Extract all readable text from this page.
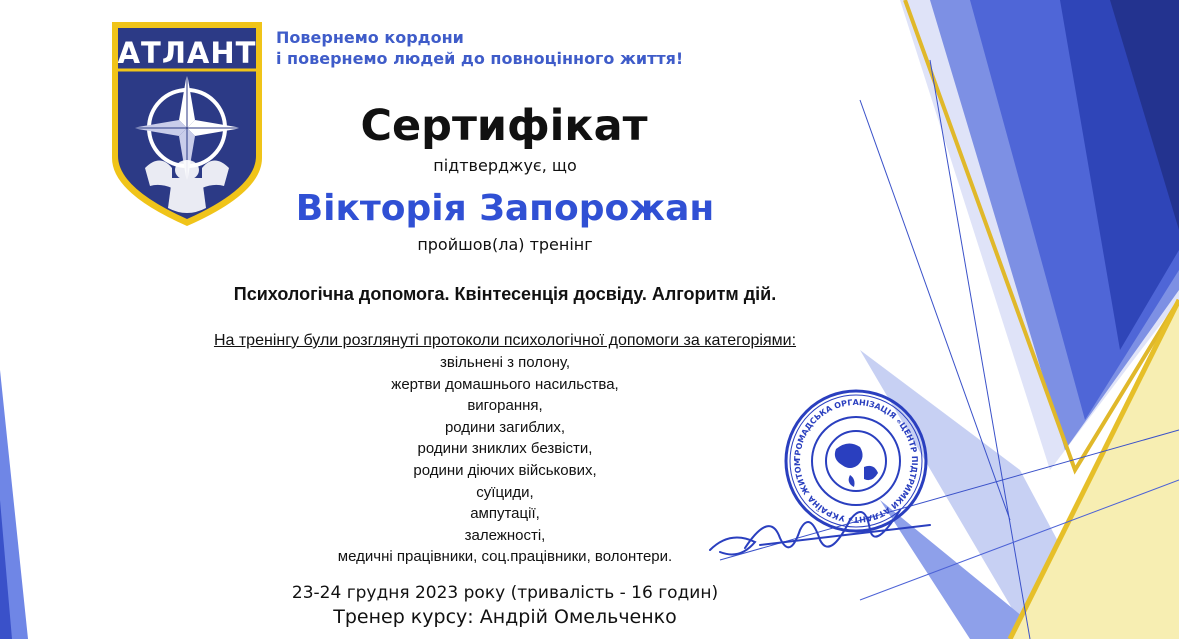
АТЛАНТ	Повернемо кордони
і повернемо людей до повноцінного життя!
Сертифікат
підтверджує, що
Вікторія Запорожан
пройшов(ла) тренінг
Психологічна допомога. Квінтесенція досвіду. Алгоритм дій.
На тренінгу були розглянуті протоколи психологічної допомоги за категоріями:
звільнені з полону,
жертви домашнього насильства,
вигорання,
родини загиблих,
родини зниклих безвісти,
родини діючих військових,
суїциди,
ампутації,
залежності,
медичні працівники, соц.працівники, волонтери.
23-24 грудня 2023 року (тривалість - 16 годин)
Тренер курсу: Андрій Омельченко
ГРОМАДСЬКА ОРГАНІЗАЦІЯ «ЦЕНТР ПІДТРИМКИ АТЛАНТ» УКРАЇНА ЖИТОМ
